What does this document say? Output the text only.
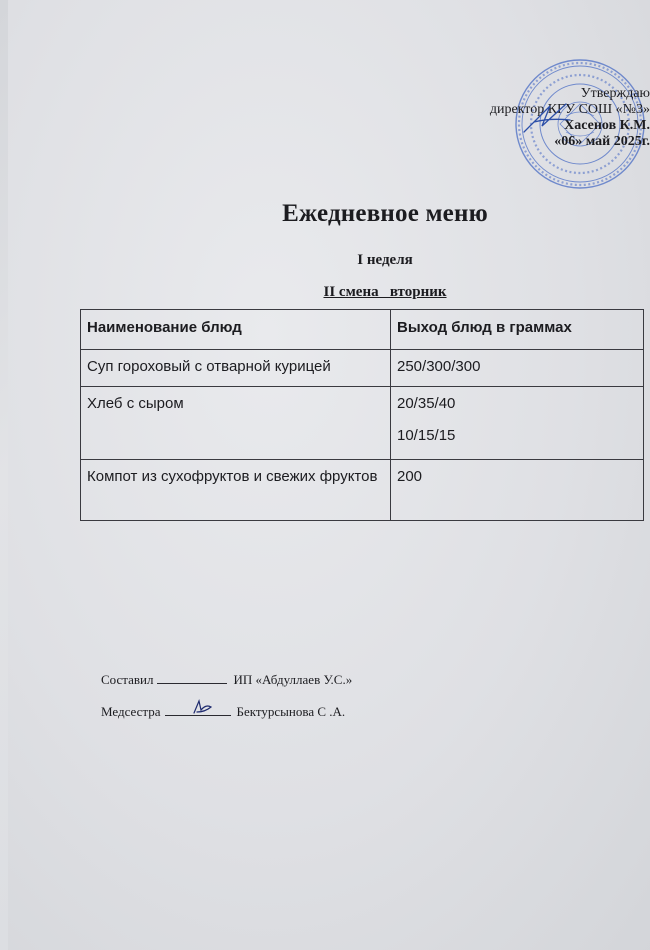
Утверждаю
директор КГУ СОШ «№3»
Хасенов К.М.
«06» май 2025г.
Ежедневное меню
I неделя
II смена   вторник
Наименование блюд	Выход блюд в граммах
Суп гороховый с отварной курицей	250/300/300

Хлеб с сыром	20/35/40
10/15/15

Компот из сухофруктов и свежих фруктов	200
Составил	ИП «Абдуллаев У.С.»
Медсестра	Бектурсынова С .А.
